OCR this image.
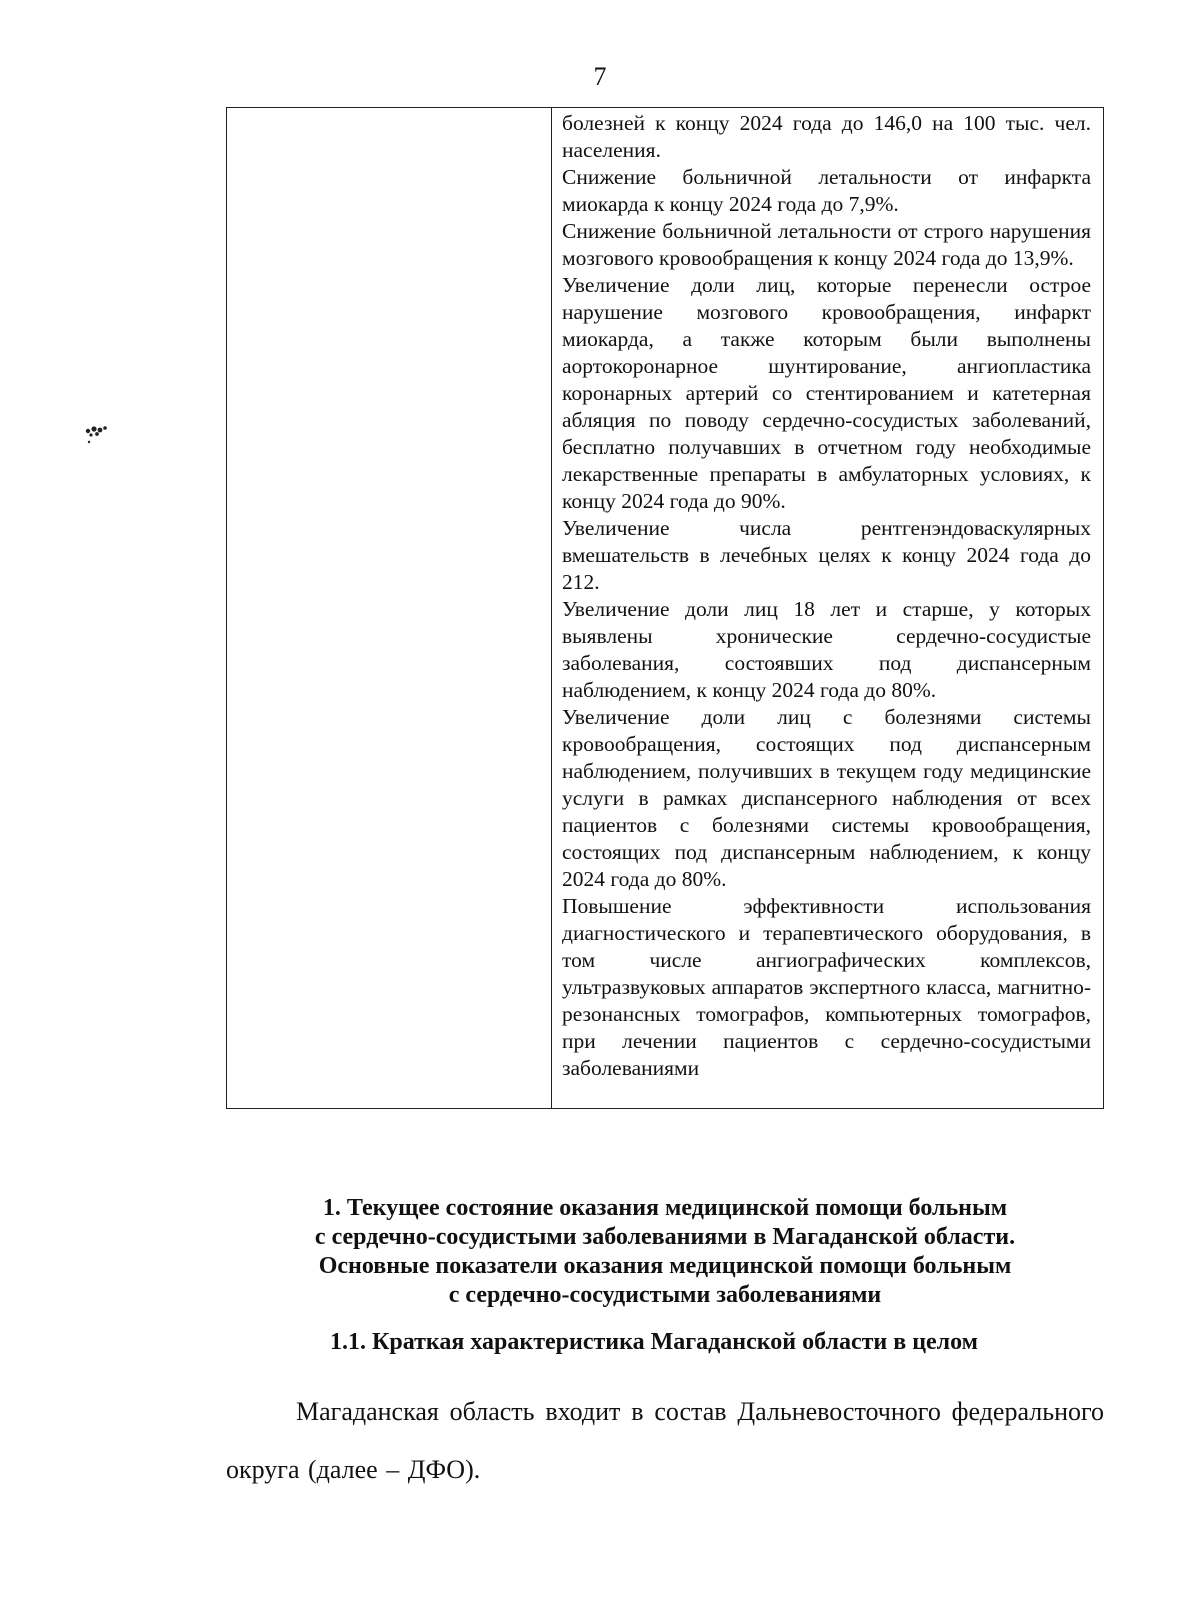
7

болезней к концу 2024 года до 146,0 на 100 тыс. чел. населения.

Снижение больничной летальности от инфаркта миокарда к концу 2024 года до 7,9%.

Снижение больничной летальности от строго нарушения мозгового кровообращения к концу 2024 года до 13,9%.

Увеличение доли лиц, которые перенесли острое нарушение мозгового кровообращения, инфаркт миокарда, а также которым были выполнены аортокоронарное шунтирование, ангиопластика коронарных артерий со стентированием и катетерная абляция по поводу сердечно-сосудистых заболеваний, бесплатно получавших в отчетном году необходимые лекарственные препараты в амбулаторных условиях, к концу 2024 года до 90%.

Увеличение числа рентгенэндоваскулярных вмешательств в лечебных целях к концу 2024 года до 212.

Увеличение доли лиц 18 лет и старше, у которых выявлены хронические сердечно-сосудистые заболевания, состоявших под диспансерным наблюдением, к концу 2024 года до 80%.

Увеличение доли лиц с болезнями системы кровообращения, состоящих под диспансерным наблюдением, получивших в текущем году медицинские услуги в рамках диспансерного наблюдения от всех пациентов с болезнями системы кровообращения, состоящих под диспансерным наблюдением, к концу 2024 года до 80%.

Повышение эффективности использования диагностического и терапевтического оборудования, в том числе ангиографических комплексов, ультразвуковых аппаратов экспертного класса, магнитно-резонансных томографов, компьютерных томографов, при лечении пациентов с сердечно-сосудистыми заболеваниями

1. Текущее состояние оказания медицинской помощи больным
с сердечно-сосудистыми заболеваниями в Магаданской области.
Основные показатели оказания медицинской помощи больным
с сердечно-сосудистыми заболеваниями
1.1. Краткая характеристика Магаданской области в целом

Магаданская область входит в состав Дальневосточного федерального округа (далее – ДФО).
